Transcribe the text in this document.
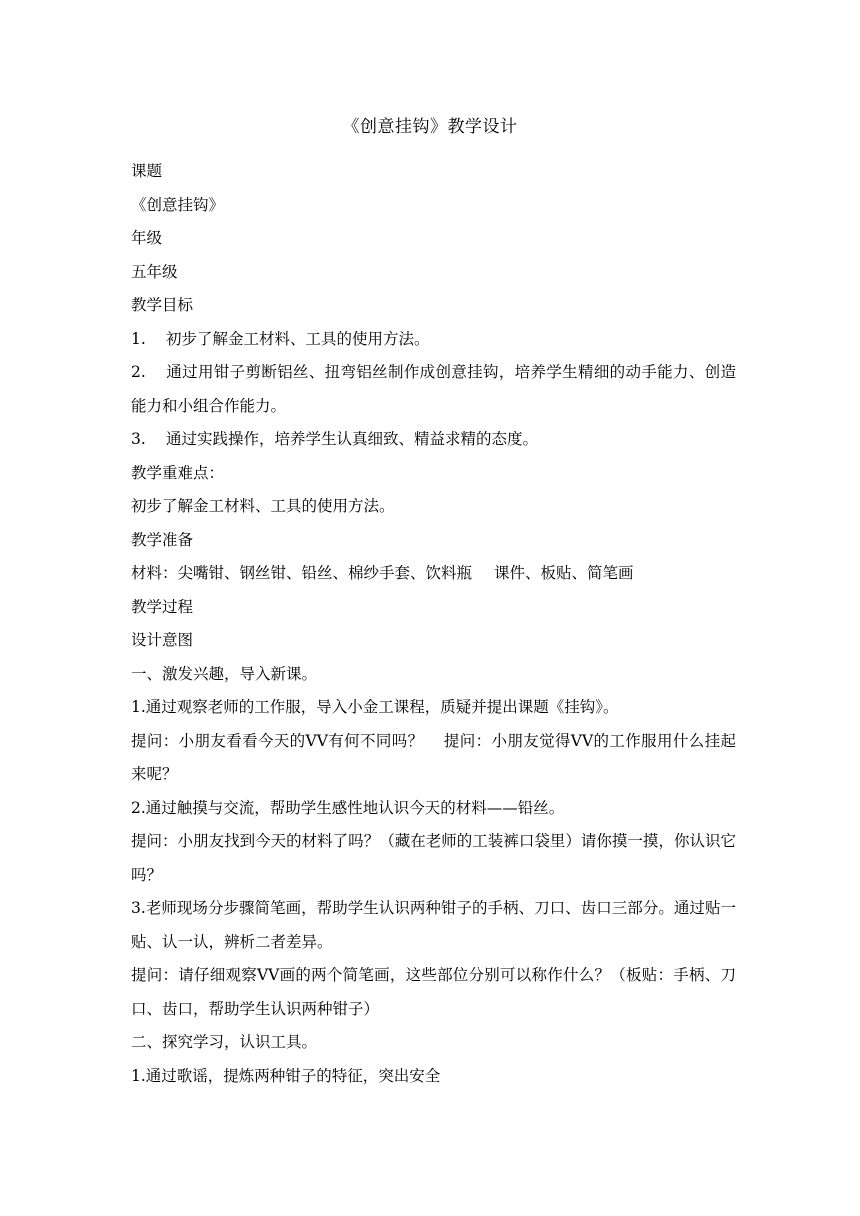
《创意挂钩》教学设计

课题

《创意挂钩》

年级

五年级

教学目标

1. 初步了解金工材料、工具的使用方法。

2. 通过用钳子剪断铝丝、扭弯铝丝制作成创意挂钩，培养学生精细的动手能力、创造能力和小组合作能力。

3. 通过实践操作，培养学生认真细致、精益求精的态度。

教学重难点：

初步了解金工材料、工具的使用方法。

教学准备

材料：尖嘴钳、钢丝钳、铅丝、棉纱手套、饮料瓶 课件、板贴、简笔画

教学过程

设计意图

一、激发兴趣，导入新课。

1.通过观察老师的工作服，导入小金工课程，质疑并提出课题《挂钩》。

提问：小朋友看看今天的VV有何不同吗？ 提问：小朋友觉得VV的工作服用什么挂起来呢？

2.通过触摸与交流，帮助学生感性地认识今天的材料——铅丝。

提问：小朋友找到今天的材料了吗？（藏在老师的工装裤口袋里）请你摸一摸，你认识它吗？

3.老师现场分步骤简笔画，帮助学生认识两种钳子的手柄、刀口、齿口三部分。通过贴一贴、认一认，辨析二者差异。

提问：请仔细观察VV画的两个简笔画，这些部位分别可以称作什么？（板贴：手柄、刀口、齿口，帮助学生认识两种钳子）

二、探究学习，认识工具。

1.通过歌谣，提炼两种钳子的特征，突出安全
